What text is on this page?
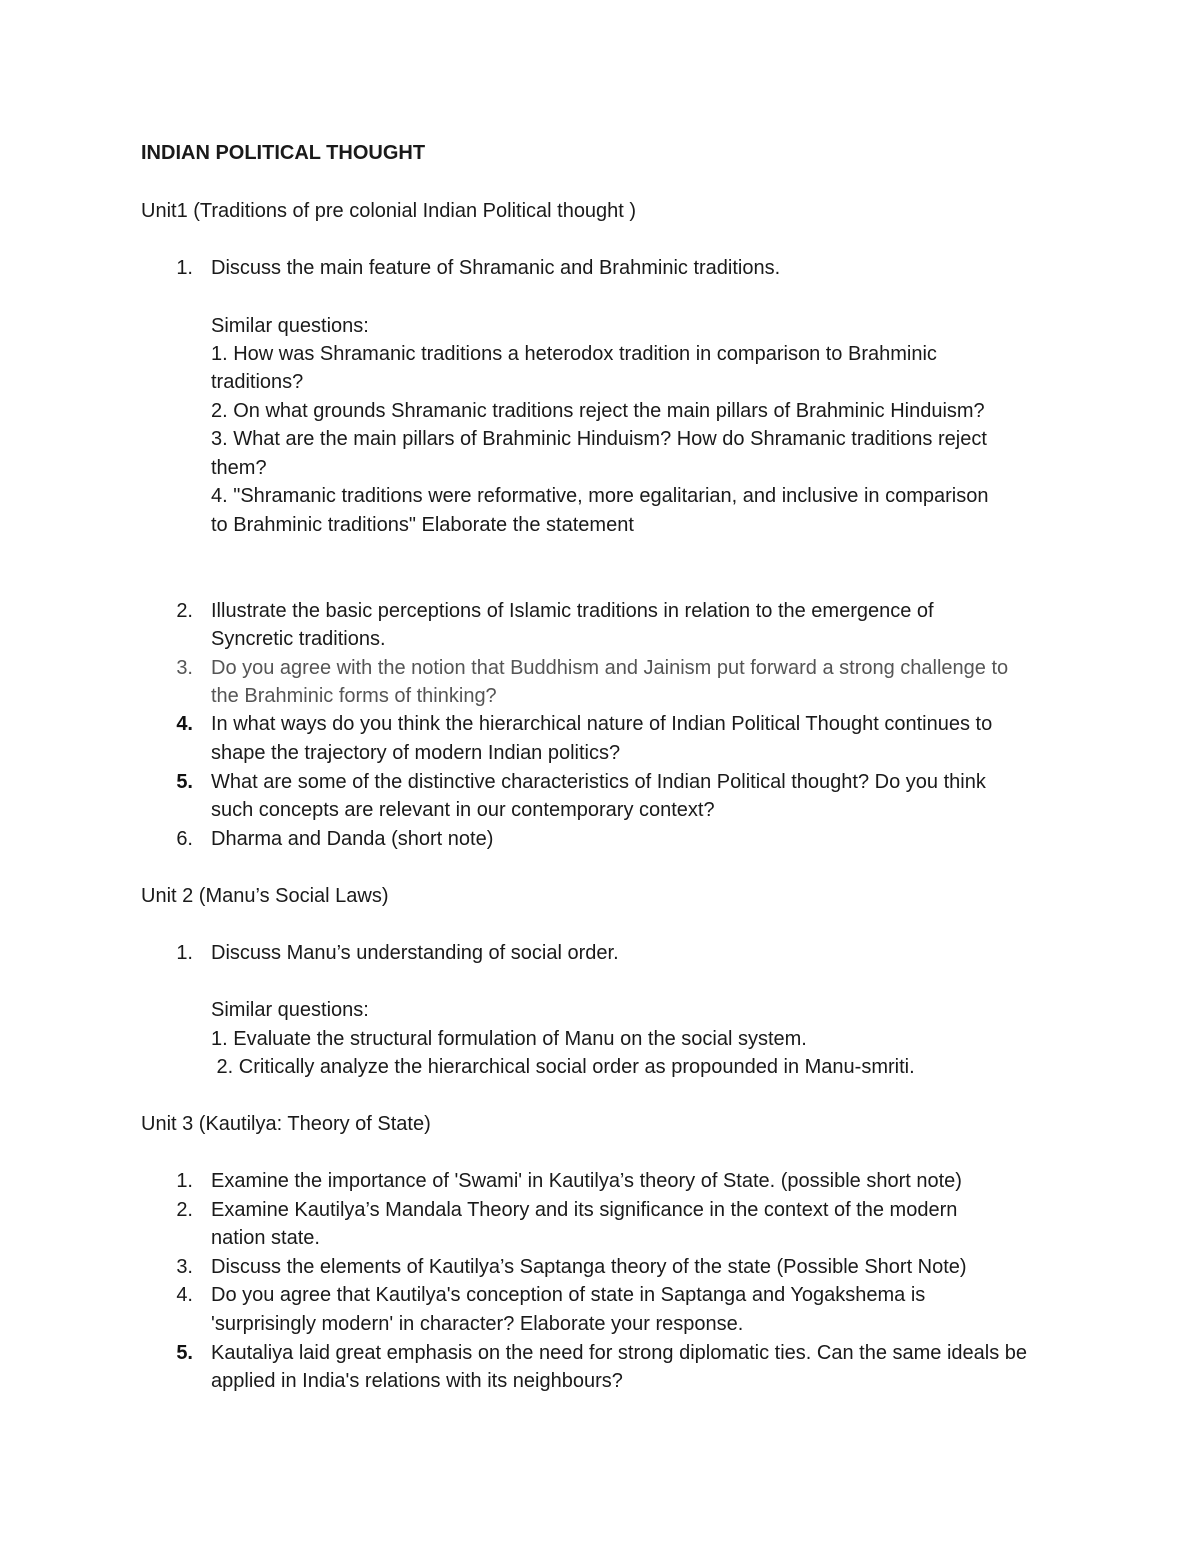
INDIAN POLITICAL THOUGHT
Unit1 (Traditions of pre colonial Indian Political thought )
1. Discuss the main feature of Shramanic and Brahminic traditions.
Similar questions:
1. How was Shramanic traditions a heterodox tradition in comparison to Brahminic
traditions?
2. On what grounds Shramanic traditions reject the main pillars of Brahminic Hinduism?
3. What are the main pillars of Brahminic Hinduism? How do Shramanic traditions reject
them?
4. "Shramanic traditions were reformative, more egalitarian, and inclusive in comparison
to Brahminic traditions" Elaborate the statement
2. Illustrate the basic perceptions of Islamic traditions in relation to the emergence of
Syncretic traditions.
3. Do you agree with the notion that Buddhism and Jainism put forward a strong challenge to
the Brahminic forms of thinking?
4. In what ways do you think the hierarchical nature of Indian Political Thought continues to
shape the trajectory of modern Indian politics?
5. What are some of the distinctive characteristics of Indian Political thought? Do you think
such concepts are relevant in our contemporary context?
6. Dharma and Danda (short note)
Unit 2 (Manu’s Social Laws)
1. Discuss Manu’s understanding of social order.
Similar questions:
1. Evaluate the structural formulation of Manu on the social system.
2. Critically analyze the hierarchical social order as propounded in Manu-smriti.
Unit 3 (Kautilya: Theory of State)
1. Examine the importance of 'Swami' in Kautilya’s theory of State. (possible short note)
2. Examine Kautilya’s Mandala Theory and its significance in the context of the modern
nation state.
3. Discuss the elements of Kautilya’s Saptanga theory of the state (Possible Short Note)
4. Do you agree that Kautilya's conception of state in Saptanga and Yogakshema is
'surprisingly modern' in character? Elaborate your response.
5. Kautaliya laid great emphasis on the need for strong diplomatic ties. Can the same ideals be
applied in India's relations with its neighbours?
